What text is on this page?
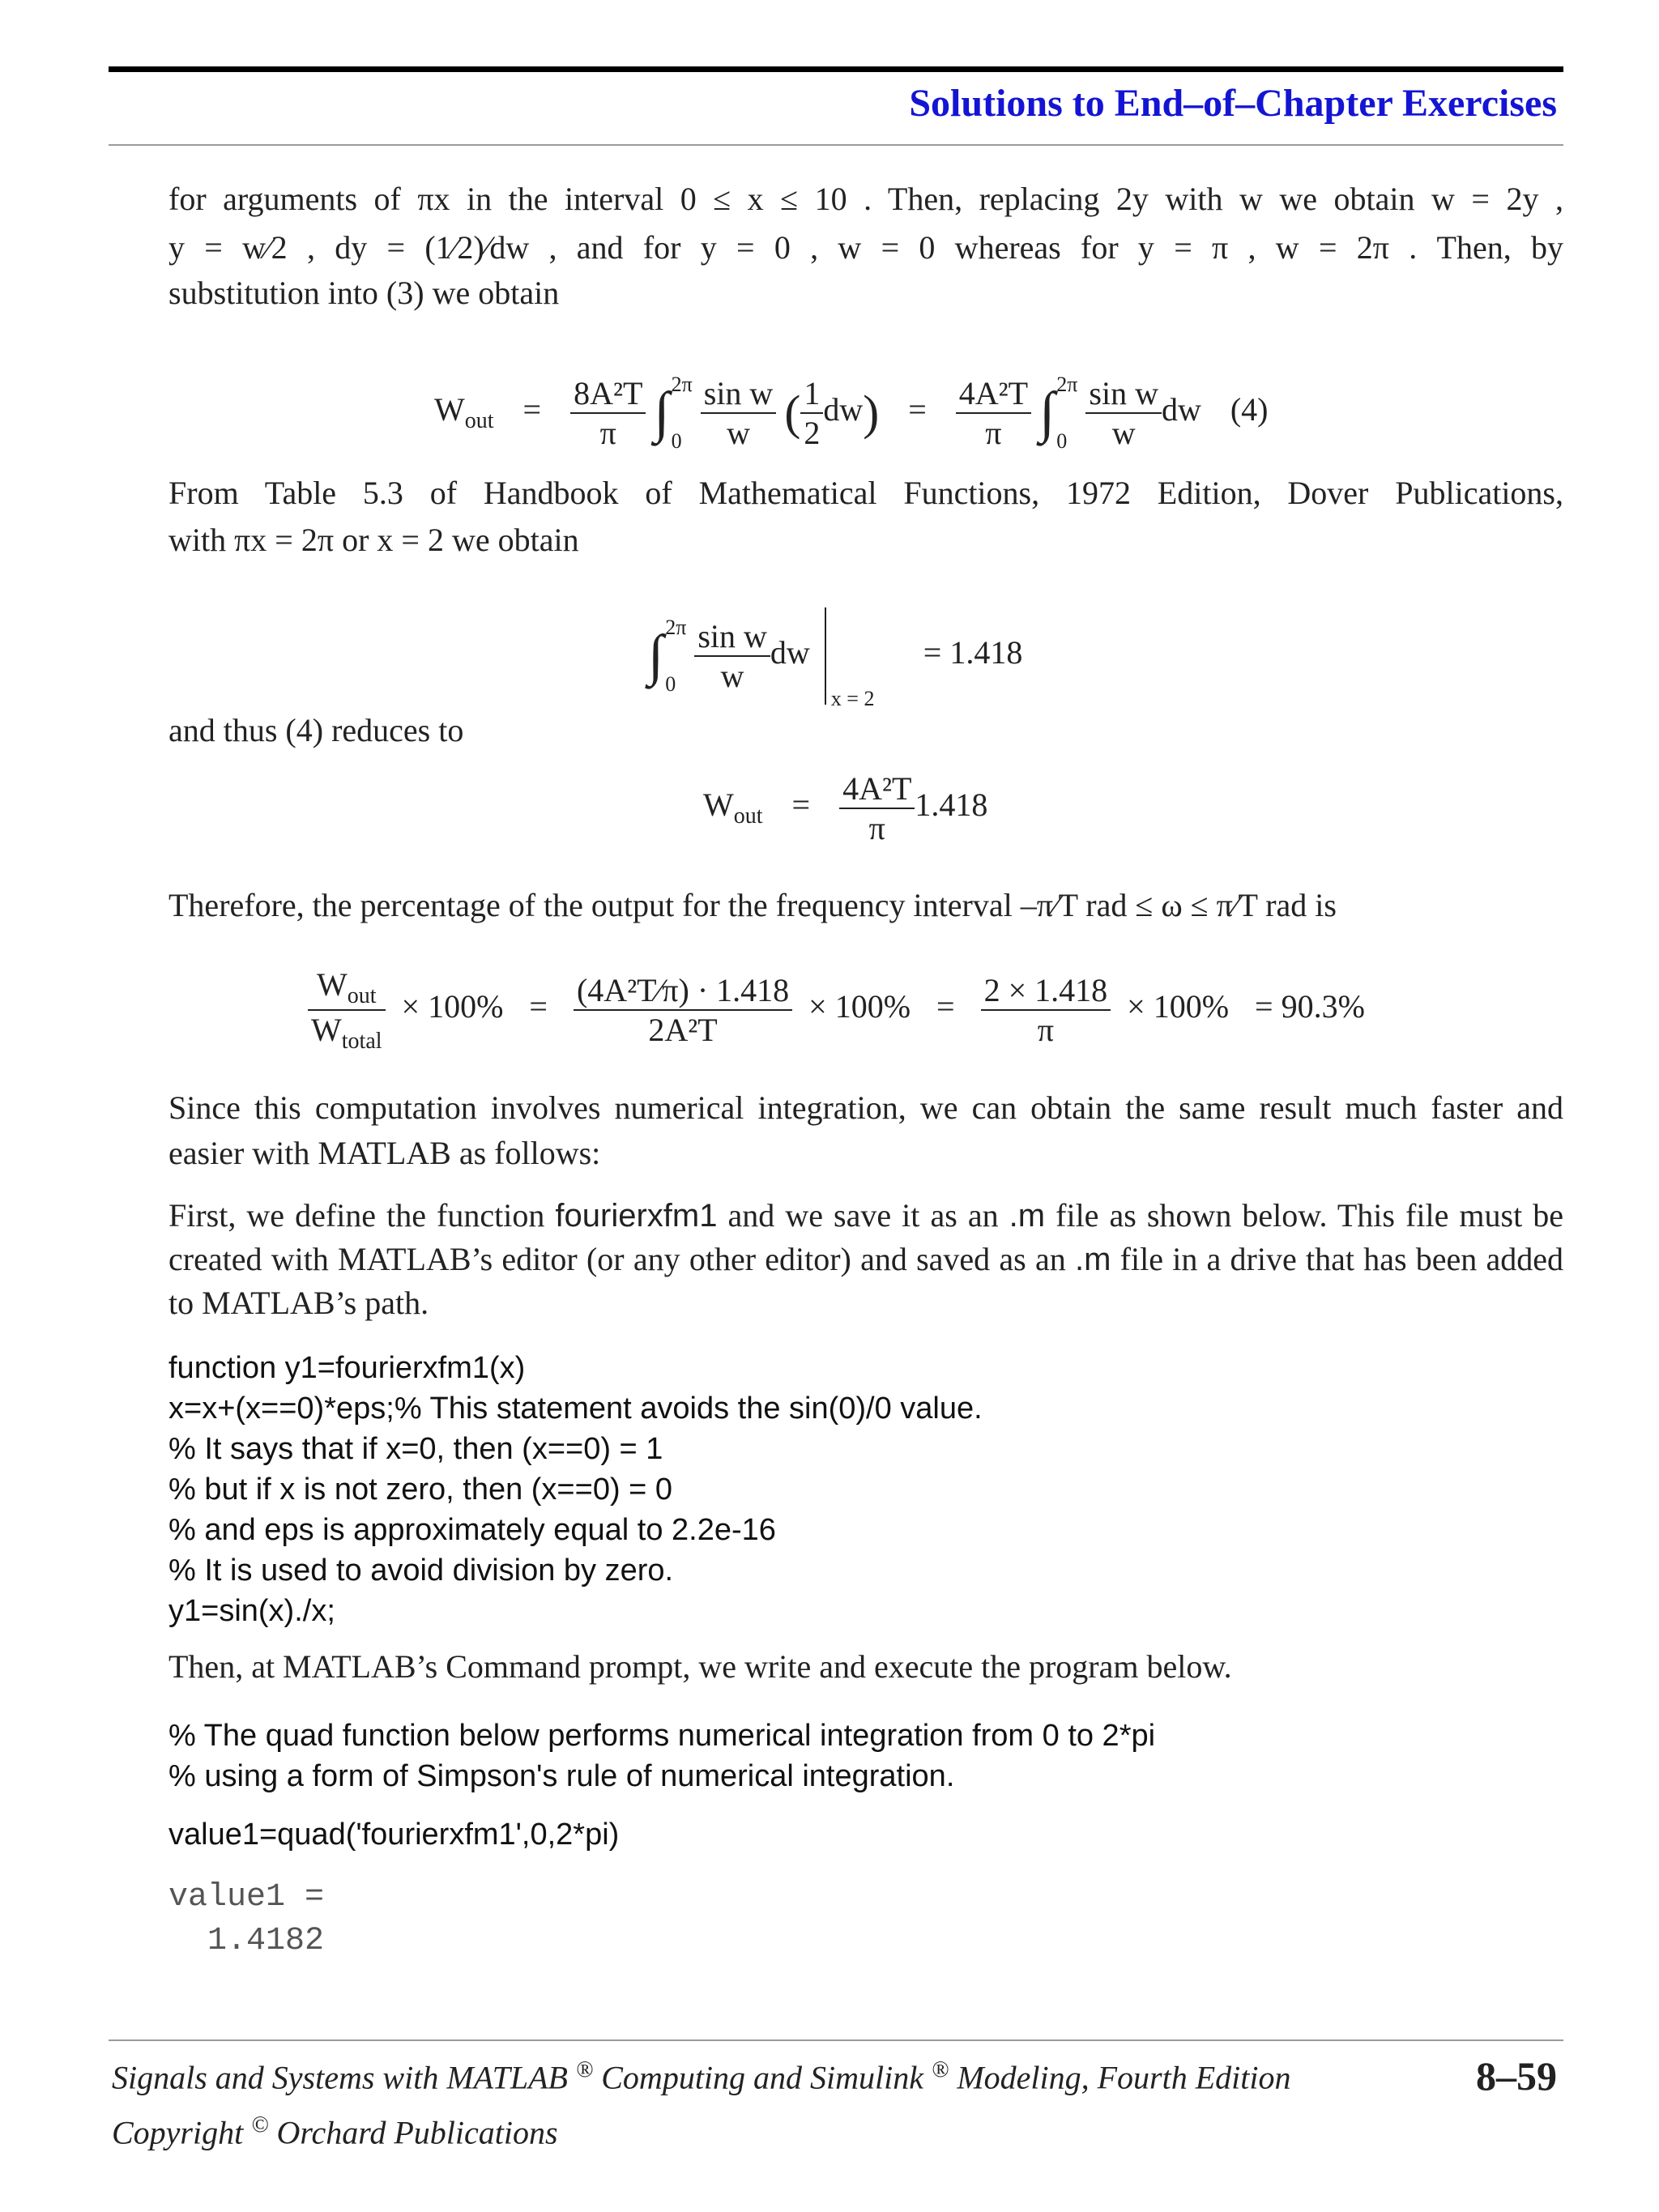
Solutions to End–of–Chapter Exercises
for arguments of πx in the interval 0 ≤ x ≤ 10 . Then, replacing 2y with w we obtain w = 2y ,
y = w⁄2 , dy = (1⁄2)⁄dw , and for y = 0 , w = 0 whereas for y = π , w = 2π . Then, by
substitution into (3) we obtain
$W_{out} = \frac{\text{8A²T}}{\pi}$ ∫ 2π
0
$\frac{\text{sin w}}{w}$ ( $\frac{1}{2} dw) = \frac{\text{4A²T}}{\pi}$ ∫ 2π
0
$\frac{\text{sin w}}{w}$ dw (4)
From Table 5.3 of Handbook of Mathematical Functions, 1972 Edition, Dover Publications,
with πx = 2π or x = 2 we obtain
∫ 2π
0
$\frac{\text{sin w}}{w}$ dw
x = 2
= 1.418
and thus (4) reduces to
$W_{out} = \frac{\text{4A²T}}{\pi} 1.418$
Therefore, the percentage of the output for the frequency interval –π⁄T rad ≤ ω ≤ π⁄T rad is
$\frac{W_{out}}{W_{total}} \times 100\% = \frac{\text{(4A²T⁄π) · 1.418}}{\text{2A²T}} \times 100\% = \frac{2 \times 1.418}{\pi} \times 100\% = 90.3\%$
Since this computation involves numerical integration, we can obtain the same result much faster and easier with MATLAB as follows:
First, we define the function fourierxfm1 and we save it as an .m file as shown below. This file must be created with MATLAB’s editor (or any other editor) and saved as an .m file in a drive that has been added to MATLAB’s path.
function y1=fourierxfm1(x)
x=x+(x==0)*eps;% This statement avoids the sin(0)/0 value.
% It says that if x=0, then (x==0) = 1
% but if x is not zero, then (x==0) = 0
% and eps is approximately equal to 2.2e-16
% It is used to avoid division by zero.
y1=sin(x)./x;
Then, at MATLAB’s Command prompt, we write and execute the program below.
% The quad function below performs numerical integration from 0 to 2*pi
% using a form of Simpson's rule of numerical integration.
value1=quad('fourierxfm1',0,2*pi)
value1 =
1.4182
Signals and Systems with MATLAB ® Computing and Simulink ® Modeling, Fourth Edition	8–59
Copyright © Orchard Publications
